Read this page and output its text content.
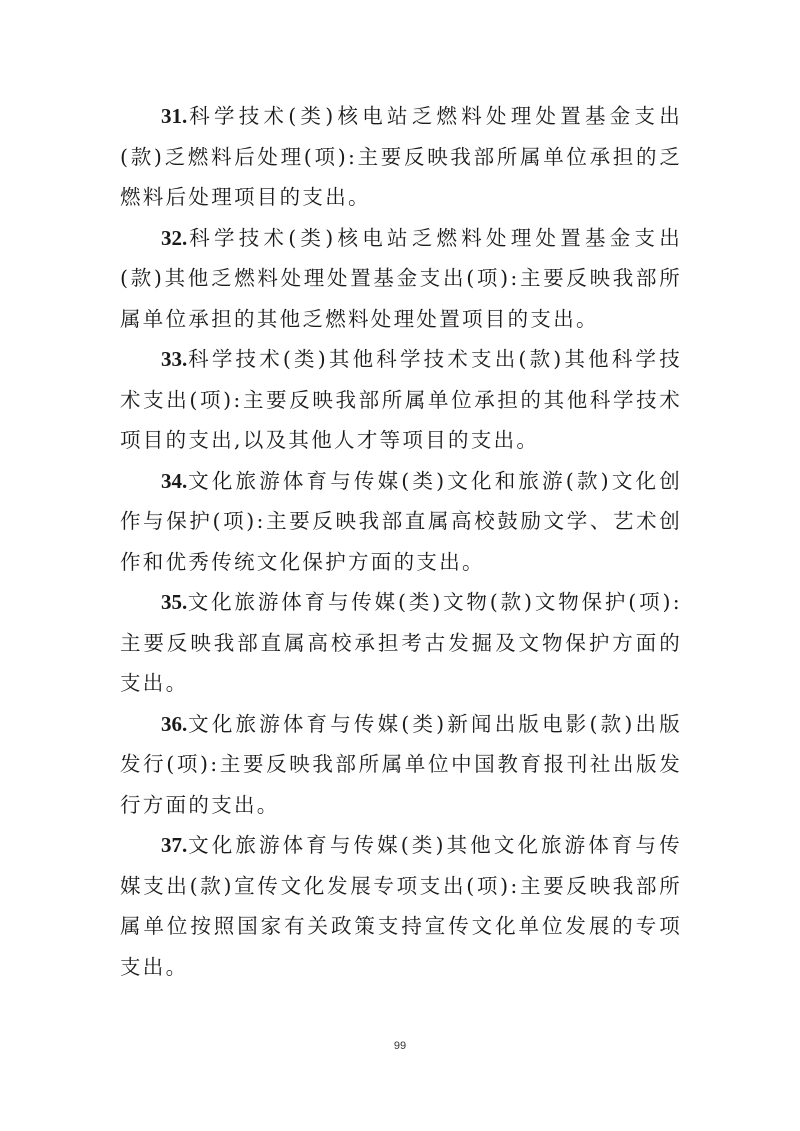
31.科学技术(类)核电站乏燃料处理处置基金支出(款)乏燃料后处理(项):主要反映我部所属单位承担的乏燃料后处理项目的支出。

32.科学技术(类)核电站乏燃料处理处置基金支出(款)其他乏燃料处理处置基金支出(项):主要反映我部所属单位承担的其他乏燃料处理处置项目的支出。

33.科学技术(类)其他科学技术支出(款)其他科学技术支出(项):主要反映我部所属单位承担的其他科学技术项目的支出,以及其他人才等项目的支出。

34.文化旅游体育与传媒(类)文化和旅游(款)文化创作与保护(项):主要反映我部直属高校鼓励文学、艺术创作和优秀传统文化保护方面的支出。

35.文化旅游体育与传媒(类)文物(款)文物保护(项):主要反映我部直属高校承担考古发掘及文物保护方面的支出。

36.文化旅游体育与传媒(类)新闻出版电影(款)出版发行(项):主要反映我部所属单位中国教育报刊社出版发行方面的支出。

37.文化旅游体育与传媒(类)其他文化旅游体育与传媒支出(款)宣传文化发展专项支出(项):主要反映我部所属单位按照国家有关政策支持宣传文化单位发展的专项支出。

99
